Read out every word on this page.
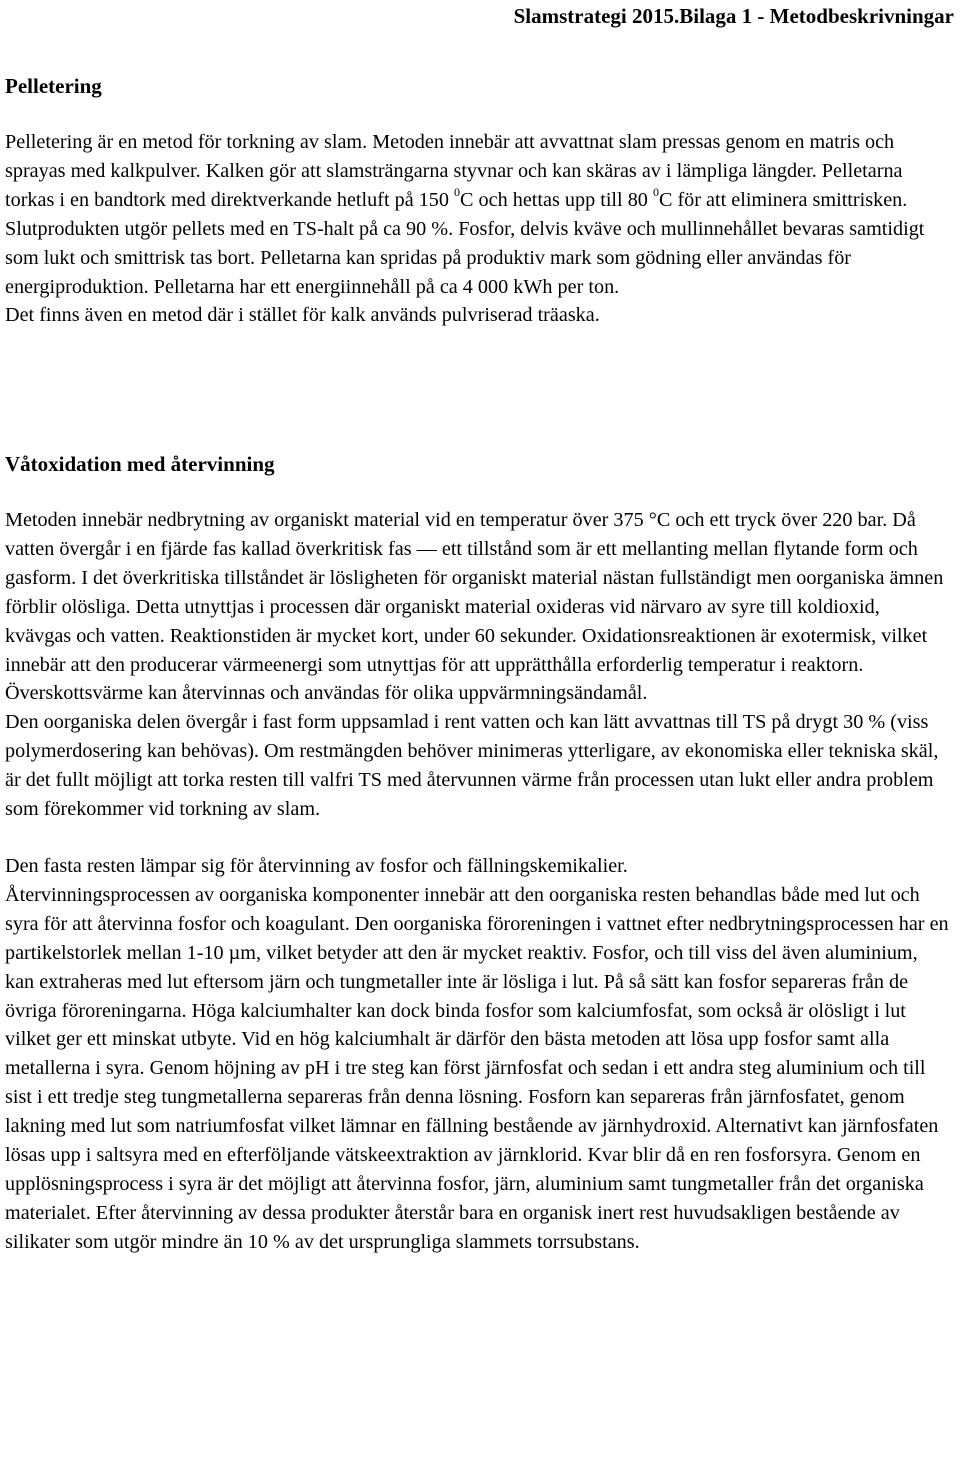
Slamstrategi 2015.Bilaga 1 - Metodbeskrivningar
Pelletering

Pelletering är en metod för torkning av slam. Metoden innebär att avvattnat slam pressas genom en matris och sprayas med kalkpulver. Kalken gör att slamsträngarna styvnar och kan skäras av i lämpliga längder. Pelletarna torkas i en bandtork med direktverkande hetluft på 150 $^0$C och hettas upp till 80 $^0$C för att eliminera smittrisken. Slutprodukten utgör pellets med en TS-halt på ca 90 %. Fosfor, delvis kväve och mullinnehållet bevaras samtidigt som lukt och smittrisk tas bort. Pelletarna kan spridas på produktiv mark som gödning eller användas för energiproduktion. Pelletarna har ett energiinnehåll på ca 4 000 kWh per ton.

Det finns även en metod där i stället för kalk används pulvriserad träaska.

Våtoxidation med återvinning

Metoden innebär nedbrytning av organiskt material vid en temperatur över 375 °C och ett tryck över 220 bar. Då vatten övergår i en fjärde fas kallad överkritisk fas — ett tillstånd som är ett mellanting mellan flytande form och gasform. I det överkritiska tillståndet är lösligheten för organiskt material nästan fullständigt men oorganiska ämnen förblir olösliga. Detta utnyttjas i processen där organiskt material oxideras vid närvaro av syre till koldioxid, kvävgas och vatten. Reaktionstiden är mycket kort, under 60 sekunder. Oxidationsreaktionen är exotermisk, vilket innebär att den producerar värmeenergi som utnyttjas för att upprätthålla erforderlig temperatur i reaktorn. Överskottsvärme kan återvinnas och användas för olika uppvärmningsändamål.

Den oorganiska delen övergår i fast form uppsamlad i rent vatten och kan lätt avvattnas till TS på drygt 30 % (viss polymerdosering kan behövas). Om restmängden behöver minimeras ytterligare, av ekonomiska eller tekniska skäl, är det fullt möjligt att torka resten till valfri TS med återvunnen värme från processen utan lukt eller andra problem som förekommer vid torkning av slam.

Den fasta resten lämpar sig för återvinning av fosfor och fällningskemikalier.

Återvinningsprocessen av oorganiska komponenter innebär att den oorganiska resten behandlas både med lut och syra för att återvinna fosfor och koagulant. Den oorganiska föroreningen i vattnet efter nedbrytningsprocessen har en partikelstorlek mellan 1-10 µm, vilket betyder att den är mycket reaktiv. Fosfor, och till viss del även aluminium, kan extraheras med lut eftersom järn och tungmetaller inte är lösliga i lut. På så sätt kan fosfor separeras från de övriga föroreningarna. Höga kalciumhalter kan dock binda fosfor som kalciumfosfat, som också är olösligt i lut vilket ger ett minskat utbyte. Vid en hög kalciumhalt är därför den bästa metoden att lösa upp fosfor samt alla metallerna i syra. Genom höjning av pH i tre steg kan först järnfosfat och sedan i ett andra steg aluminium och till sist i ett tredje steg tungmetallerna separeras från denna lösning. Fosforn kan separeras från järnfosfatet, genom lakning med lut som natriumfosfat vilket lämnar en fällning bestående av järnhydroxid. Alternativt kan järnfosfaten lösas upp i saltsyra med en efterföljande vätskeextraktion av järnklorid. Kvar blir då en ren fosforsyra. Genom en upplösningsprocess i syra är det möjligt att återvinna fosfor, järn, aluminium samt tungmetaller från det organiska materialet. Efter återvinning av dessa produkter återstår bara en organisk inert rest huvudsakligen bestående av silikater som utgör mindre än 10 % av det ursprungliga slammets torrsubstans.
